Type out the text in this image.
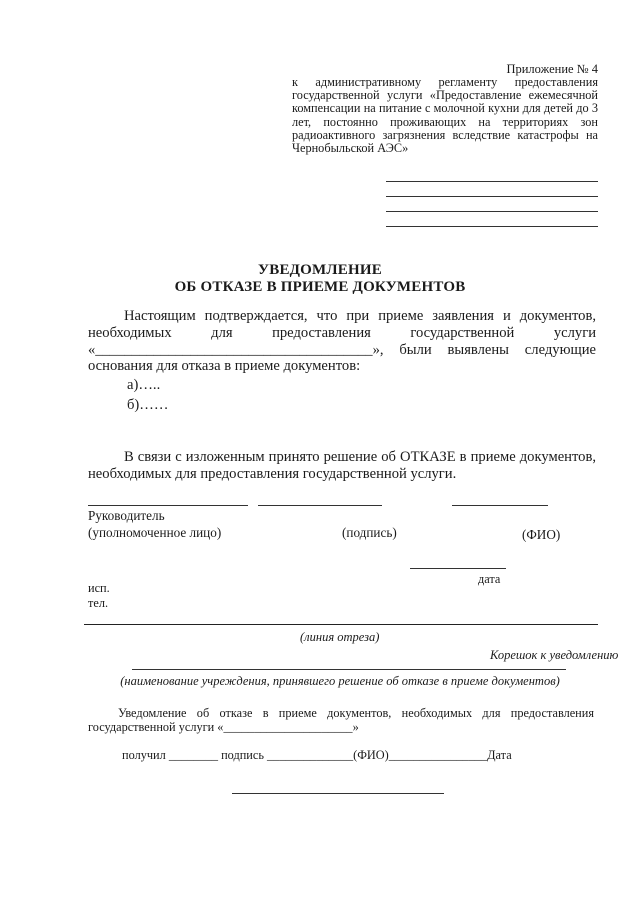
Приложение № 4
к административному регламенту предоставления государственной услуги «Предоставление ежемесячной компенсации на питание с молочной кухни для детей до 3 лет, постоянно проживающих на территориях зон радиоактивного загрязнения вследствие катастрофы на Чернобыльской АЭС»
УВЕДОМЛЕНИЕ
ОБ ОТКАЗЕ В ПРИЕМЕ ДОКУМЕНТОВ
Настоящим подтверждается, что при приеме заявления и документов, необходимых для предоставления государственной услуги «______________________________________», были выявлены следующие основания для отказа в приеме документов:
а)…..
б)……
В связи с изложенным принято решение об ОТКАЗЕ в приеме документов, необходимых для предоставления государственной услуги.
Руководитель
(уполномоченное лицо)	(подпись)	(ФИО)
дата
исп.
тел.
(линия отреза)
Корешок к уведомлению
(наименование учреждения, принявшего решение об отказе в приеме документов)
Уведомление об отказе в приеме документов, необходимых для предоставления государственной услуги «_____________________»
получил ________ подпись ______________(ФИО)________________Дата
